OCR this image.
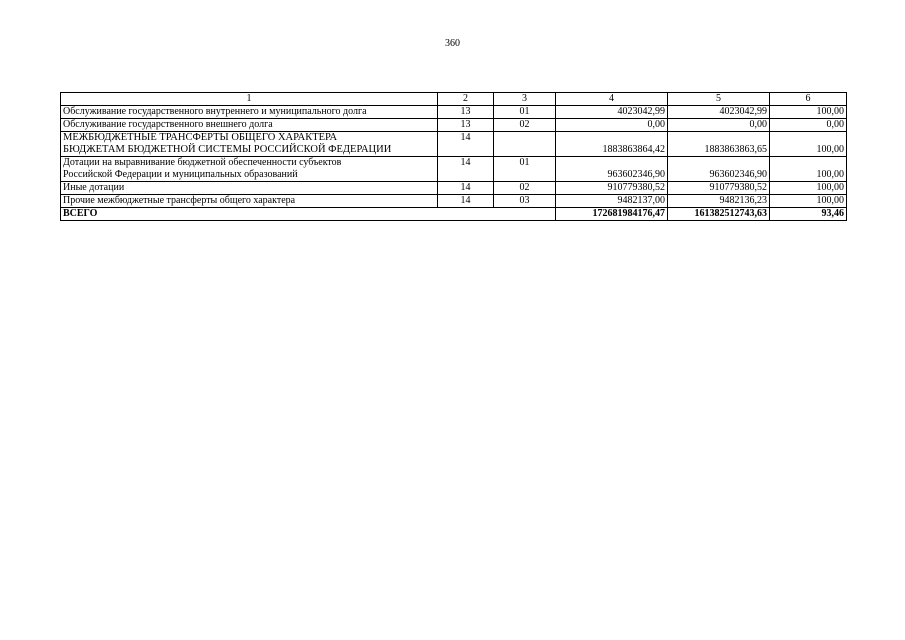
360
1	2	3	4	5	6

Обслуживание государственного внутреннего и муниципального долга	13	01	4023042,99	4023042,99	100,00

Обслуживание государственного внешнего долга	13	02	0,00	0,00	0,00

МЕЖБЮДЖЕТНЫЕ ТРАНСФЕРТЫ ОБЩЕГО ХАРАКТЕРА
БЮДЖЕТАМ БЮДЖЕТНОЙ СИСТЕМЫ РОССИЙСКОЙ ФЕДЕРАЦИИ	14		1883863864,42	1883863863,65	100,00

Дотации на выравнивание бюджетной обеспеченности субъектов
Российской Федерации и муниципальных образований	14	01	963602346,90	963602346,90	100,00

Иные дотации	14	02	910779380,52	910779380,52	100,00

Прочие межбюджетные трансферты общего характера	14	03	9482137,00	9482136,23	100,00
ВСЕГО			172681984176,47	161382512743,63	93,46
